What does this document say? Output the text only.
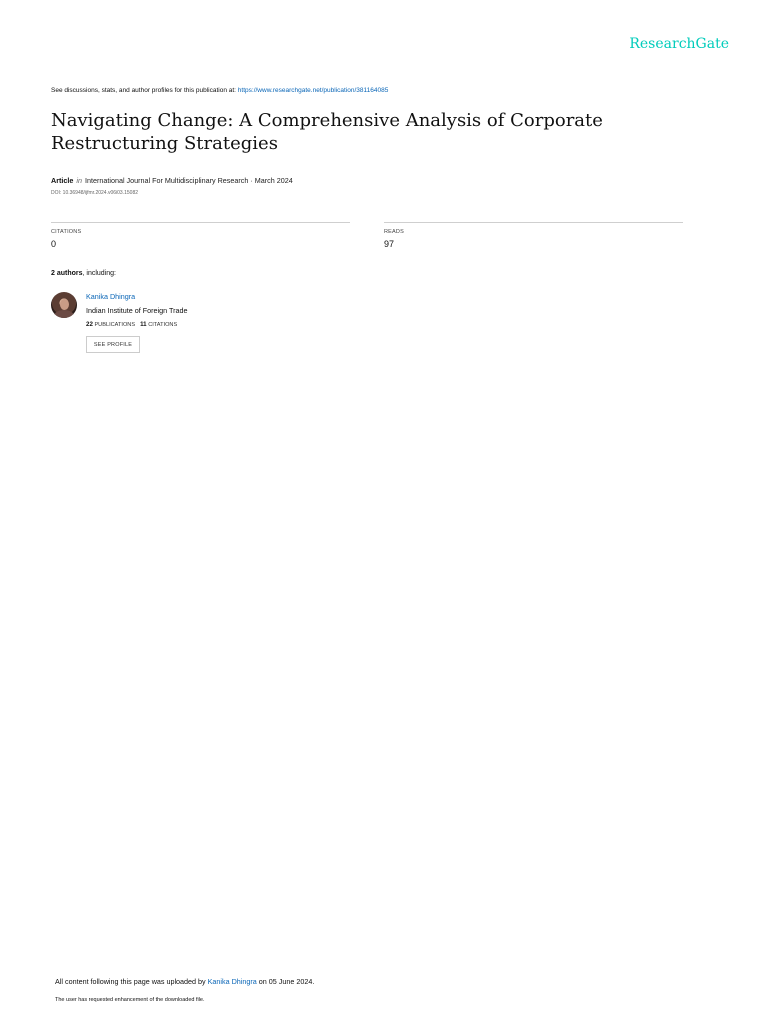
ResearchGate
See discussions, stats, and author profiles for this publication at: https://www.researchgate.net/publication/381164085
Navigating Change: A Comprehensive Analysis of Corporate Restructuring Strategies
Article in International Journal For Multidisciplinary Research · March 2024
DOI: 10.36948/ijfmr.2024.v06i03.15082
CITATIONS
0
READS
97
2 authors, including:
Kanika Dhingra
Indian Institute of Foreign Trade
22 PUBLICATIONS 11 CITATIONS
SEE PROFILE
All content following this page was uploaded by Kanika Dhingra on 05 June 2024.
The user has requested enhancement of the downloaded file.
